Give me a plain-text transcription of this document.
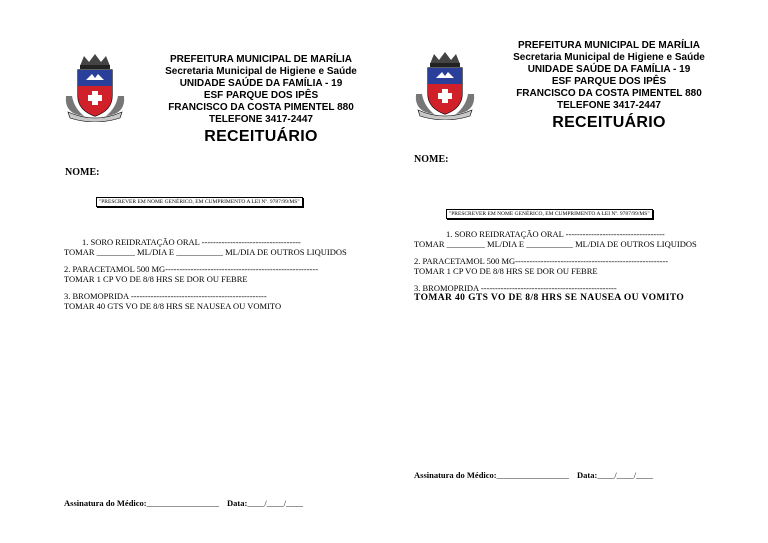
PREFEITURA MUNICIPAL DE MARÍLIA
Secretaria Municipal de Higiene e Saúde
UNIDADE SAÚDE DA FAMÍLIA - 19
ESF PARQUE DOS IPÊS
FRANCISCO DA COSTA PIMENTEL 880
TELEFONE 3417-2447
RECEITUÁRIO
NOME:
"PRESCREVER EM NOME GENÉRICO, EM CUMPRIMENTO A LEI Nº. 9787/99/MS"
1. SORO REIDRATAÇÃO ORAL -----------------------------------
TOMAR _________ ML/DIA E ___________ ML/DIA DE OUTROS LIQUIDOS
2. PARACETAMOL 500 MG------------------------------------------------------
TOMAR 1 CP VO DE 8/8 HRS SE DOR OU FEBRE
3. BROMOPRIDA ------------------------------------------------
TOMAR 40 GTS VO DE 8/8 HRS SE NAUSEA OU VOMITO
Assinatura do Médico:_________________ Data:____/____/____
PREFEITURA MUNICIPAL DE MARÍLIA
Secretaria Municipal de Higiene e Saúde
UNIDADE SAÚDE DA FAMÍLIA - 19
ESF PARQUE DOS IPÊS
FRANCISCO DA COSTA PIMENTEL 880
TELEFONE 3417-2447
RECEITUÁRIO
NOME:
"PRESCREVER EM NOME GENÉRICO, EM CUMPRIMENTO A LEI Nº. 9787/99/MS"
1. SORO REIDRATAÇÃO ORAL -----------------------------------
TOMAR _________ ML/DIA E ___________ ML/DIA DE OUTROS LIQUIDOS
2. PARACETAMOL 500 MG------------------------------------------------------
TOMAR 1 CP VO DE 8/8 HRS SE DOR OU FEBRE
3. BROMOPRIDA ------------------------------------------------
TOMAR 40 GTS VO DE 8/8 HRS SE NAUSEA OU VOMITO
Assinatura do Médico:_________________ Data:____/____/____
